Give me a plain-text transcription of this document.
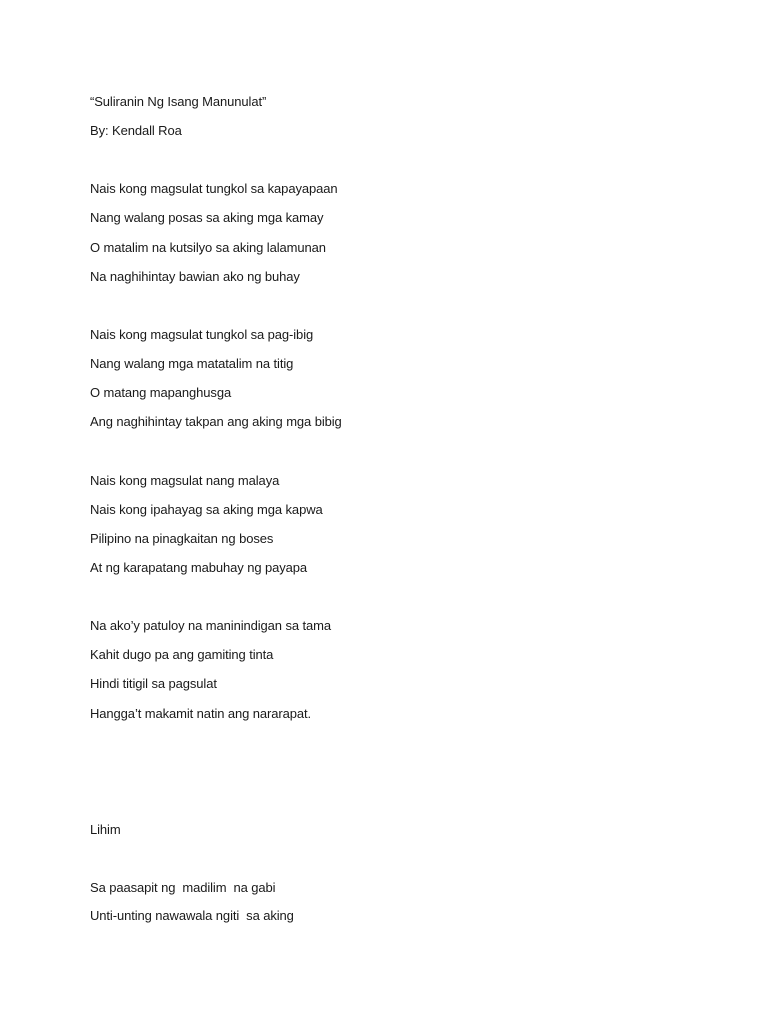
“Suliranin Ng Isang Manunulat”
By: Kendall Roa
Nais kong magsulat tungkol sa kapayapaan
Nang walang posas sa aking mga kamay
O matalim na kutsilyo sa aking lalamunan
Na naghihintay bawian ako ng buhay
Nais kong magsulat tungkol sa pag-ibig
Nang walang mga matatalim na titig
O matang mapanghusga
Ang naghihintay takpan ang aking mga bibig
Nais kong magsulat nang malaya
Nais kong ipahayag sa aking mga kapwa
Pilipino na pinagkaitan ng boses
At ng karapatang mabuhay ng payapa
Na ako’y patuloy na maninindigan sa tama
Kahit dugo pa ang gamiting tinta
Hindi titigil sa pagsulat
Hangga’t makamit natin ang nararapat.
Lihim
Sa paasapit ng  madilim  na gabi
Unti-unting nawawala ngiti  sa aking
